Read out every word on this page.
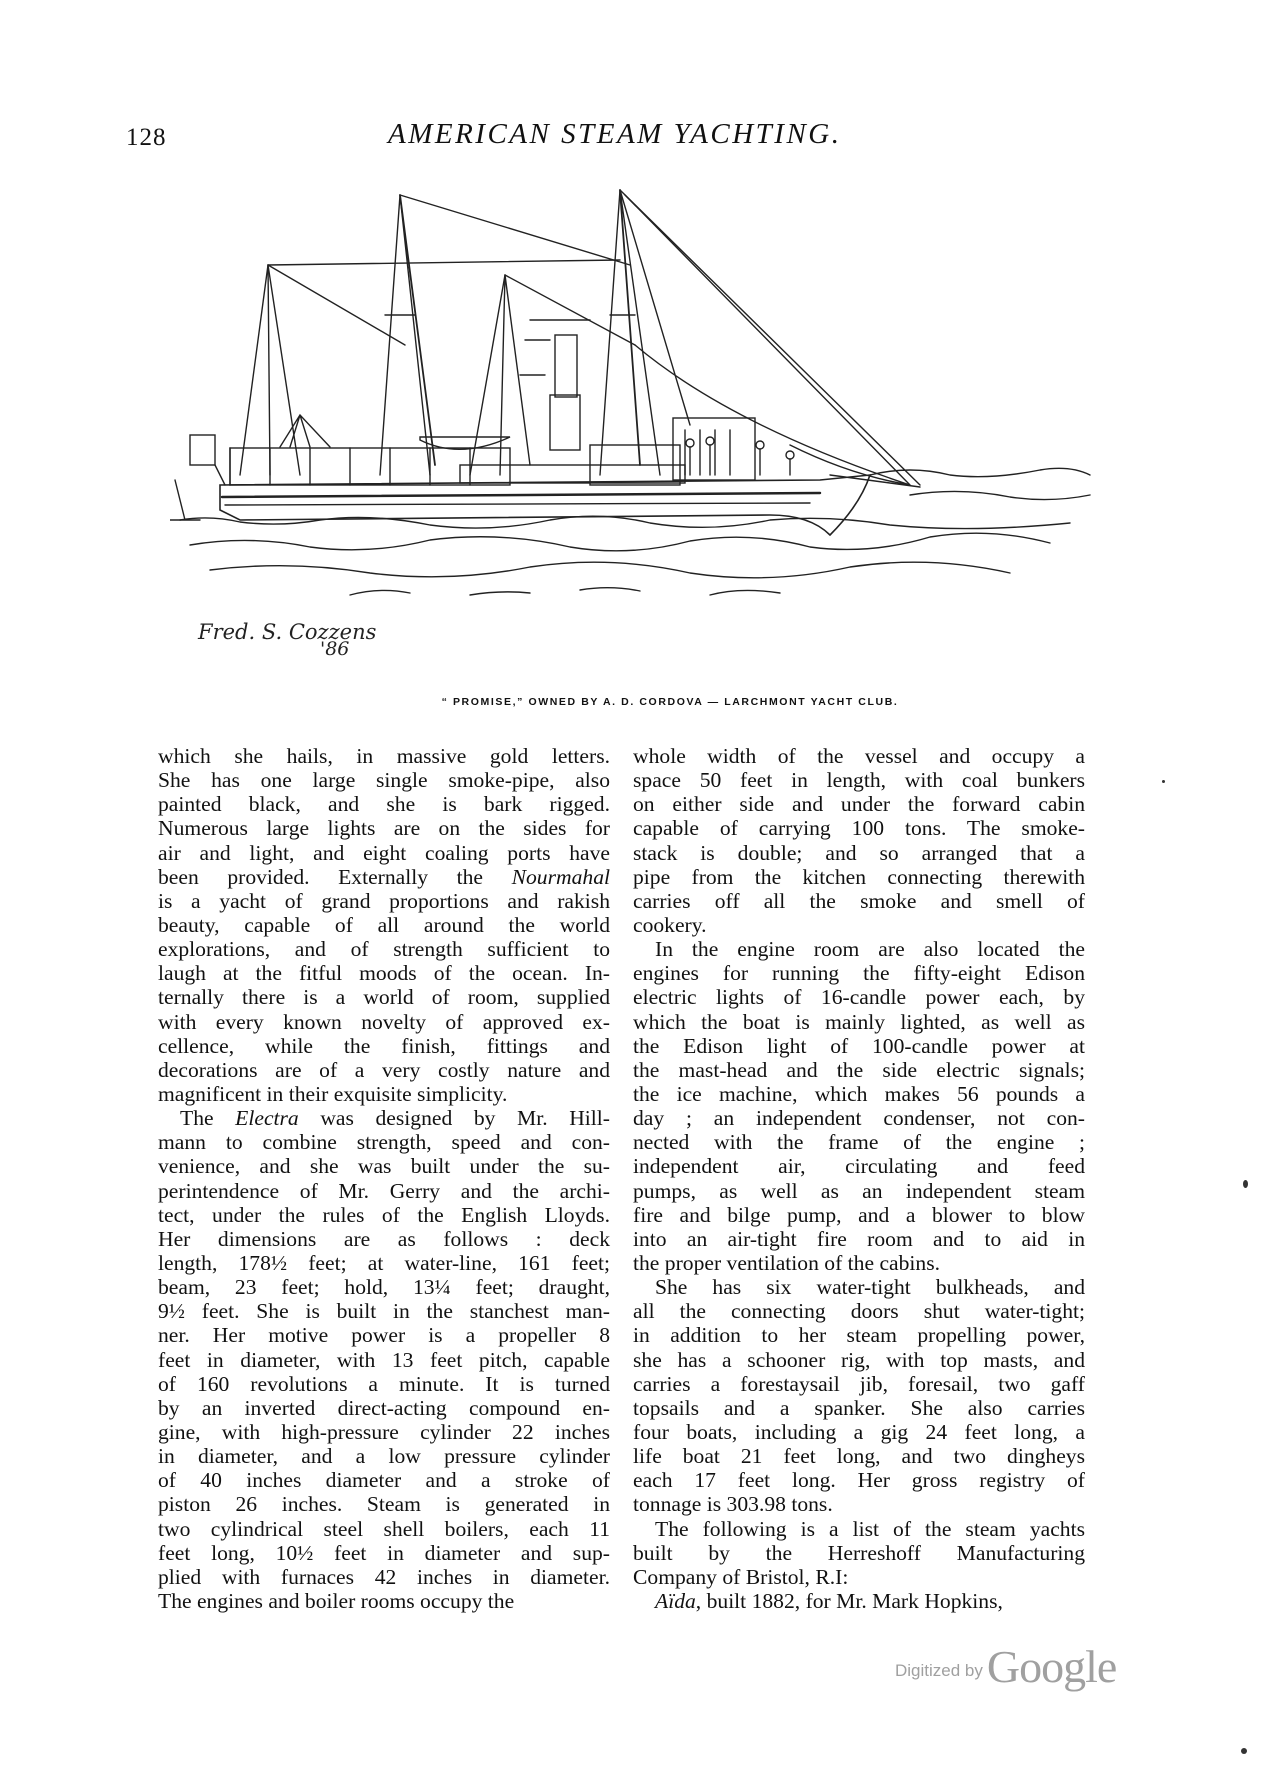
128	AMERICAN STEAM YACHTING.
Fred. S. Cozzens
'86
“ PROMISE,” OWNED BY A. D. CORDOVA — LARCHMONT YACHT CLUB.
which she hails, in massive gold letters.
She has one large single smoke-pipe, also
painted black, and she is bark rigged.
Numerous large lights are on the sides for
air and light, and eight coaling ports have
been provided. Externally the Nourmahal
is a yacht of grand proportions and rakish
beauty, capable of all around the world
explorations, and of strength sufficient to
laugh at the fitful moods of the ocean. In-
ternally there is a world of room, supplied
with every known novelty of approved ex-
cellence, while the finish, fittings and
decorations are of a very costly nature and
magnificent in their exquisite simplicity.
The Electra was designed by Mr. Hill-
mann to combine strength, speed and con-
venience, and she was built under the su-
perintendence of Mr. Gerry and the archi-
tect, under the rules of the English Lloyds.
Her dimensions are as follows : deck
length, 178½ feet; at water-line, 161 feet;
beam, 23 feet; hold, 13¼ feet; draught,
9½ feet. She is built in the stanchest man-
ner. Her motive power is a propeller 8
feet in diameter, with 13 feet pitch, capable
of 160 revolutions a minute. It is turned
by an inverted direct-acting compound en-
gine, with high-pressure cylinder 22 inches
in diameter, and a low pressure cylinder
of 40 inches diameter and a stroke of
piston 26 inches. Steam is generated in
two cylindrical steel shell boilers, each 11
feet long, 10½ feet in diameter and sup-
plied with furnaces 42 inches in diameter.
The engines and boiler rooms occupy the
whole width of the vessel and occupy a
space 50 feet in length, with coal bunkers
on either side and under the forward cabin
capable of carrying 100 tons. The smoke-
stack is double; and so arranged that a
pipe from the kitchen connecting therewith
carries off all the smoke and smell of
cookery.
In the engine room are also located the
engines for running the fifty-eight Edison
electric lights of 16-candle power each, by
which the boat is mainly lighted, as well as
the Edison light of 100-candle power at
the mast-head and the side electric signals;
the ice machine, which makes 56 pounds a
day ; an independent condenser, not con-
nected with the frame of the engine ;
independent air, circulating and feed
pumps, as well as an independent steam
fire and bilge pump, and a blower to blow
into an air-tight fire room and to aid in
the proper ventilation of the cabins.
She has six water-tight bulkheads, and
all the connecting doors shut water-tight;
in addition to her steam propelling power,
she has a schooner rig, with top masts, and
carries a forestaysail jib, foresail, two gaff
topsails and a spanker. She also carries
four boats, including a gig 24 feet long, a
life boat 21 feet long, and two dingheys
each 17 feet long. Her gross registry of
tonnage is 303.98 tons.
The following is a list of the steam yachts
built by the Herreshoff Manufacturing
Company of Bristol, R.I:
Aïda, built 1882, for Mr. Mark Hopkins,
Digitized by Google
